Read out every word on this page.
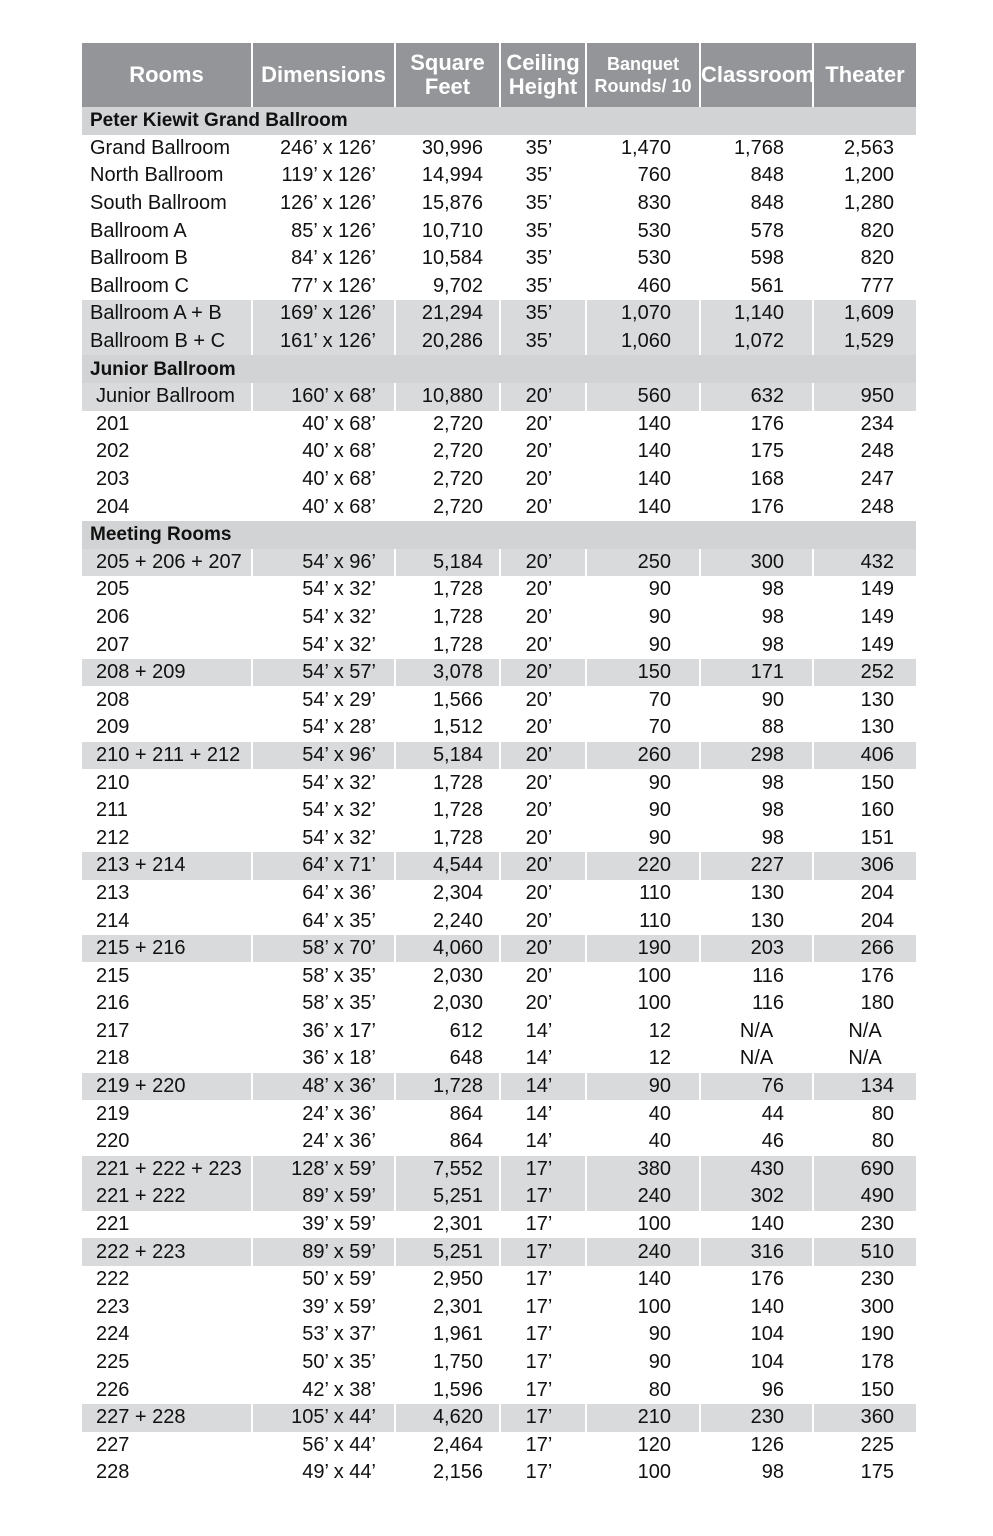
Rooms	Dimensions	Square Feet	Ceiling Height	Banquet Rounds/ 10	Classroom	Theater
Peter Kiewit Grand Ballroom						
Grand Ballroom	246’ x 126’	30,996	35’	1,470	1,768	2,563
North Ballroom	119’ x 126’	14,994	35’	760	848	1,200
South Ballroom	126’ x 126’	15,876	35’	830	848	1,280
Ballroom A	85’ x 126’	10,710	35’	530	578	820
Ballroom B	84’ x 126’	10,584	35’	530	598	820
Ballroom C	77’ x 126’	9,702	35’	460	561	777
Ballroom A + B	169’ x 126’	21,294	35’	1,070	1,140	1,609
Ballroom B + C	161’ x 126’	20,286	35’	1,060	1,072	1,529
Junior Ballroom						
Junior Ballroom	160’ x 68’	10,880	20’	560	632	950
201	40’ x 68’	2,720	20’	140	176	234
202	40’ x 68’	2,720	20’	140	175	248
203	40’ x 68’	2,720	20’	140	168	247
204	40’ x 68’	2,720	20’	140	176	248
Meeting Rooms						
205 + 206 + 207	54’ x 96’	5,184	20’	250	300	432
205	54’ x 32’	1,728	20’	90	98	149
206	54’ x 32’	1,728	20’	90	98	149
207	54’ x 32’	1,728	20’	90	98	149
208 + 209	54’ x 57’	3,078	20’	150	171	252
208	54’ x 29’	1,566	20’	70	90	130
209	54’ x 28’	1,512	20’	70	88	130
210 + 211 + 212	54’ x 96’	5,184	20’	260	298	406
210	54’ x 32’	1,728	20’	90	98	150
211	54’ x 32’	1,728	20’	90	98	160
212	54’ x 32’	1,728	20’	90	98	151
213 + 214	64’ x 71’	4,544	20’	220	227	306
213	64’ x 36’	2,304	20’	110	130	204
214	64’ x 35’	2,240	20’	110	130	204
215 + 216	58’ x 70’	4,060	20’	190	203	266
215	58’ x 35’	2,030	20’	100	116	176
216	58’ x 35’	2,030	20’	100	116	180
217	36’ x 17’	612	14’	12	N/A	N/A
218	36’ x 18’	648	14’	12	N/A	N/A
219 + 220	48’ x 36’	1,728	14’	90	76	134
219	24’ x 36’	864	14’	40	44	80
220	24’ x 36’	864	14’	40	46	80
221 + 222 + 223	128’ x 59’	7,552	17’	380	430	690
221 + 222	89’ x 59’	5,251	17’	240	302	490
221	39’ x 59’	2,301	17’	100	140	230
222 + 223	89’ x 59’	5,251	17’	240	316	510
222	50’ x 59’	2,950	17’	140	176	230
223	39’ x 59’	2,301	17’	100	140	300
224	53’ x 37’	1,961	17’	90	104	190
225	50’ x 35’	1,750	17’	90	104	178
226	42’ x 38’	1,596	17’	80	96	150
227 + 228	105’ x 44’	4,620	17’	210	230	360
227	56’ x 44’	2,464	17’	120	126	225
228	49’ x 44’	2,156	17’	100	98	175
